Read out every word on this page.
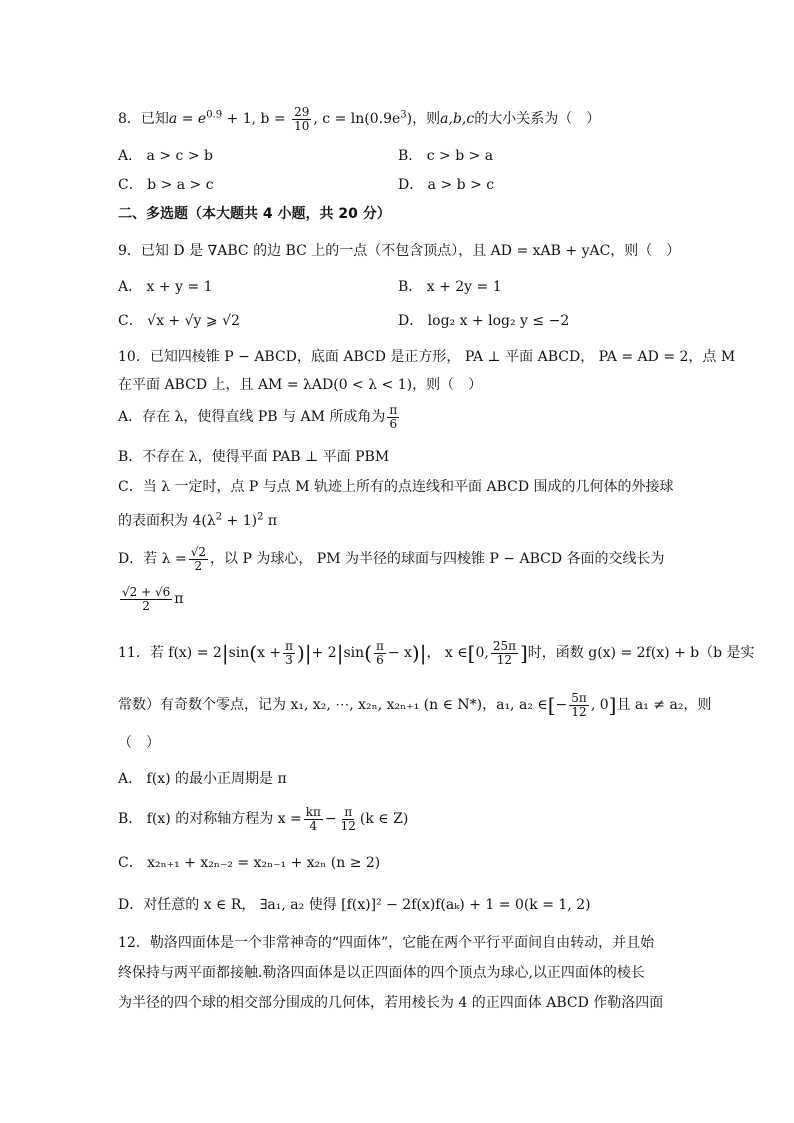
8．已知$a = e^{0.9} + 1$, $b = \frac{29}{10}$ , $c = \ln(0.9e^3)$，则a,b,c的大小关系为（　）
A． a > c > b	B． c > b > a
C． b > a > c	D． a > b > c
二、多选题（本大题共 4 小题，共 20 分）
9．已知 D 是 ∇ABC 的边 BC 上的一点（不包含顶点），且 AD = xAB + yAC，则（　）
A． x + y = 1	B． x + 2y = 1
C． √x + √y ⩾ √2	D． log₂ x + log₂ y ≤ −2
10．已知四棱锥 P − ABCD，底面 ABCD 是正方形， PA ⊥ 平面 ABCD， PA = AD = 2，点 M
在平面 ABCD 上，且 AM = λAD(0 < λ < 1)，则（　）
A．存在 λ，使得直线 PB 与 AM 所成角为 $\frac{\pi}{6}$
B．不存在 λ，使得平面 PAB ⊥ 平面 PBM
C．当 λ 一定时，点 P 与点 M 轨迹上所有的点连线和平面 ABCD 围成的几何体的外接球
的表面积为 $4(\lambda^2 + 1)^2$ π
D．若 $\lambda = \frac{√2}{2}$ ，以 P 为球心， PM 为半径的球面与四棱锥 P − ABCD 各面的交线长为
$\frac{√2 + √6}{2}$ π
11．若 $f(x) = 2|\sin(x + \frac{\pi}{3}$ )|+ $2|\sin( \frac{\pi}{6} - x)|$， x ∈[0, $\frac{25\pi}{12}$ ]时，函数 g(x) = 2f(x) + b（b 是实
常数）有奇数个零点，记为 x₁, x₂, ⋯, x₂ₙ, x₂ₙ₊₁ (n ∈ N*)，a₁, a₂ ∈[− $\frac{5\pi}{12}$ , 0]且 a₁ ≠ a₂，则
（　）
A． f(x) 的最小正周期是 π
B． f(x) 的对称轴方程为 $x = \frac{k\pi}{4} - \frac{\pi}{12} (k$ ∈ Z)
C． x₂ₙ₊₁ + x₂ₙ₋₂ = x₂ₙ₋₁ + x₂ₙ (n ≥ 2)
D．对任意的 x ∈ R， ∃a₁, a₂ 使得 [f(x)]² − 2f(x)f(aₖ) + 1 = 0(k = 1, 2)
12．勒洛四面体是一个非常神奇的“四面体”，它能在两个平行平面间自由转动，并且始
终保持与两平面都接触.勒洛四面体是以正四面体的四个顶点为球心,以正四面体的棱长
为半径的四个球的相交部分围成的几何体，若用棱长为 4 的正四面体 ABCD 作勒洛四面
